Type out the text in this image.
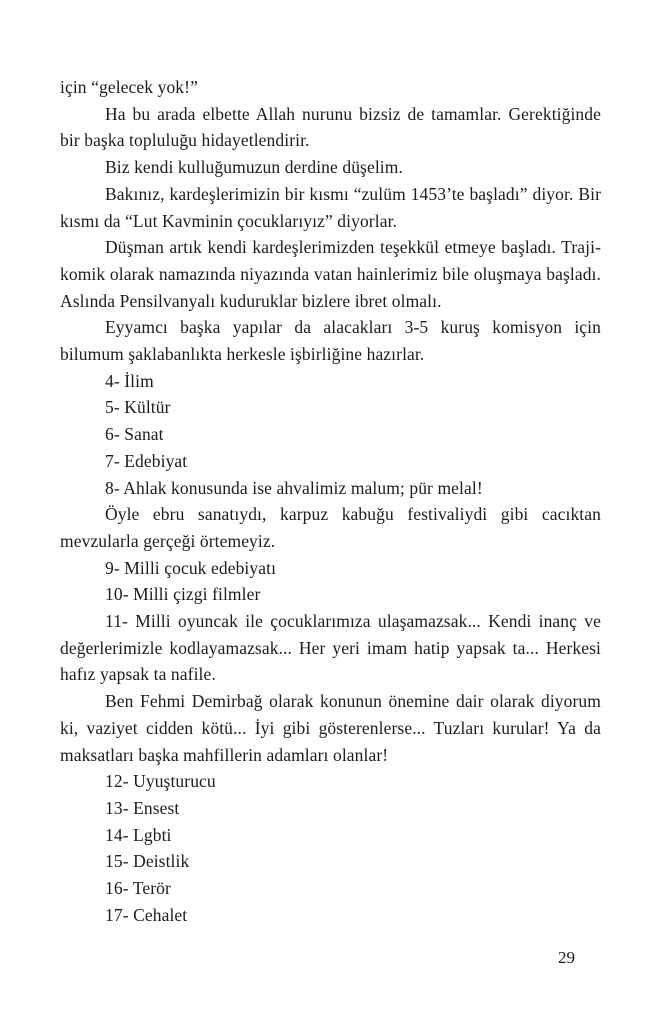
için “gelecek yok!”

Ha bu arada elbette Allah nurunu bizsiz de tamamlar. Gerektiğinde bir başka topluluğu hidayetlendirir.

Biz kendi kulluğumuzun derdine düşelim.

Bakınız, kardeşlerimizin bir kısmı “zulüm 1453’te başladı” diyor. Bir kısmı da “Lut Kavminin çocuklarıyız” diyorlar.

Düşman artık kendi kardeşlerimizden teşekkül etmeye başladı. Traji-komik olarak namazında niyazında vatan hainlerimiz bile oluşmaya başladı. Aslında Pensilvanyalı kuduruklar bizlere ibret olmalı.

Eyyamcı başka yapılar da alacakları 3-5 kuruş komisyon için bilumum şaklabanlıkta herkesle işbirliğine hazırlar.

4- İlim

5- Kültür

6- Sanat

7- Edebiyat

8- Ahlak konusunda ise ahvalimiz malum; pür melal!

Öyle ebru sanatıydı, karpuz kabuğu festivaliydi gibi cacıktan mevzularla gerçeği örtemeyiz.

9- Milli çocuk edebiyatı

10- Milli çizgi filmler

11- Milli oyuncak ile çocuklarımıza ulaşamazsak... Kendi inanç ve değerlerimizle kodlayamazsak... Her yeri imam hatip yapsak ta... Herkesi hafız yapsak ta nafile.

Ben Fehmi Demirbağ olarak konunun önemine dair olarak diyorum ki, vaziyet cidden kötü... İyi gibi gösterenlerse... Tuzları kurular! Ya da maksatları başka mahfillerin adamları olanlar!

12- Uyuşturucu

13- Ensest

14- Lgbti

15- Deistlik

16- Terör

17- Cehalet

29
